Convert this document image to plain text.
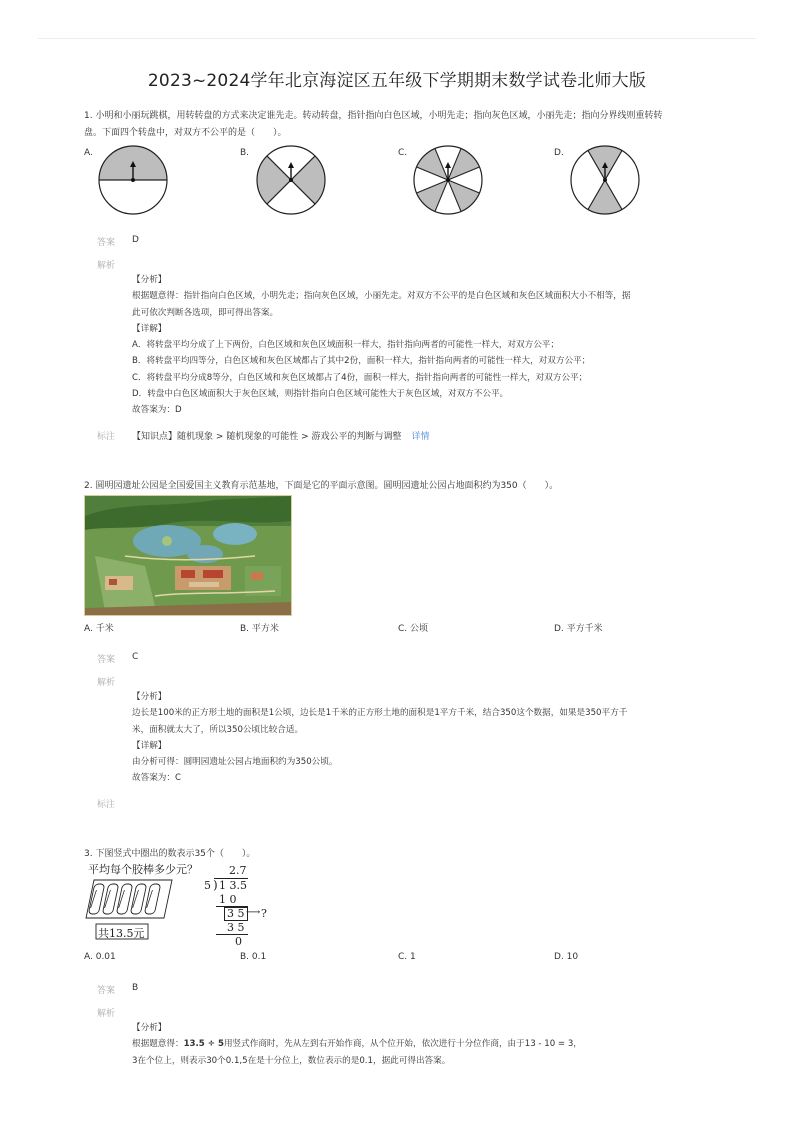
2023~2024学年北京海淀区五年级下学期期末数学试卷北师大版
1. 小明和小丽玩跳棋，用转转盘的方式来决定谁先走。转动转盘，指针指向白色区域，小明先走；指向灰色区域，小丽先走；指向分界线则重转转
盘。下面四个转盘中，对双方不公平的是（　　）。
A.	B.	C.	D.
答案 D
解析
【分析】
根据题意得：指针指向白色区域，小明先走；指向灰色区域，小丽先走。对双方不公平的是白色区域和灰色区域面积大小不相等，据
此可依次判断各选项，即可得出答案。
【详解】
A．将转盘平均分成了上下两份，白色区域和灰色区域面积一样大，指针指向两者的可能性一样大，对双方公平；
B．将转盘平均四等分，白色区域和灰色区域都占了其中2份，面积一样大，指针指向两者的可能性一样大，对双方公平；
C．将转盘平均分成8等分，白色区域和灰色区域都占了4份，面积一样大，指针指向两者的可能性一样大，对双方公平；
D．转盘中白色区域面积大于灰色区域，则指针指向白色区域可能性大于灰色区域，对双方不公平。
故答案为：D
标注 【知识点】随机现象 > 随机现象的可能性 > 游戏公平的判断与调整 详情
2. 圆明园遗址公园是全国爱国主义教育示范基地，下面是它的平面示意图。圆明园遗址公园占地面积约为350（　　）。
A. 千米	B. 平方米	C. 公顷	D. 平方千米
答案 C
解析
【分析】
边长是100米的正方形土地的面积是1公顷，边长是1千米的正方形土地的面积是1平方千米，结合350这个数据，如果是350平方千
米，面积就太大了，所以350公顷比较合适。
【详解】
由分析可得：圆明园遗址公园占地面积约为350公顷。
故答案为：C
标注
3. 下图竖式中圈出的数表示35个（　　）。
平均每个胶棒多少元？
共13.5元
2.7
5 ) 1 3.5
1 0
3 5 ⟶ ?
3 5
0
A. 0.01	B. 0.1	C. 1	D. 10
答案 B
解析
【分析】
根据题意得：13.5 ÷ 5用竖式作商时，先从左到右开始作商，从个位开始，依次进行十分位作商，由于13 - 10 = 3，
3在个位上，则表示30个0.1,5在是十分位上，数位表示的是0.1，据此可得出答案。
